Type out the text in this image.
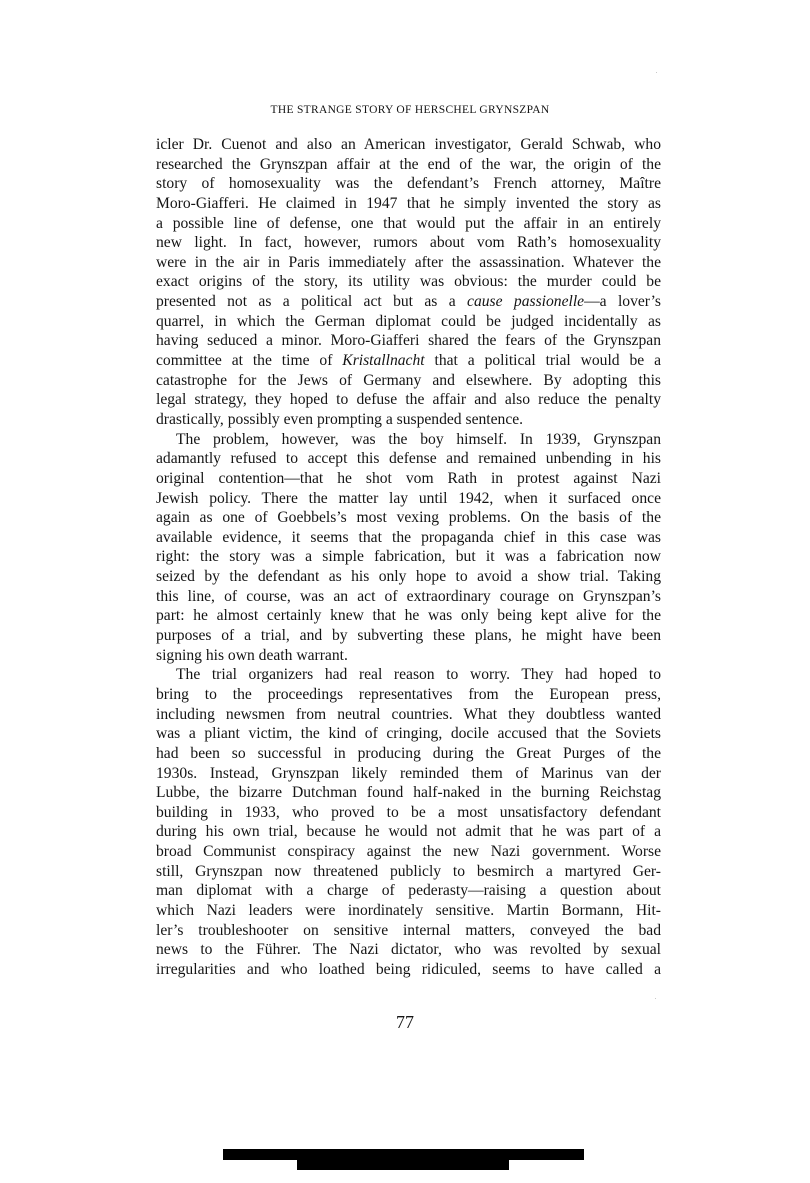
THE STRANGE STORY OF HERSCHEL GRYNSZPAN
icler Dr. Cuenot and also an American investigator, Gerald Schwab, who
researched the Grynszpan affair at the end of the war, the origin of the
story of homosexuality was the defendant’s French attorney, Maître
Moro-Giafferi. He claimed in 1947 that he simply invented the story as
a possible line of defense, one that would put the affair in an entirely
new light. In fact, however, rumors about vom Rath’s homosexuality
were in the air in Paris immediately after the assassination. Whatever the
exact origins of the story, its utility was obvious: the murder could be
presented not as a political act but as a cause passionelle—a lover’s
quarrel, in which the German diplomat could be judged incidentally as
having seduced a minor. Moro-Giafferi shared the fears of the Grynszpan
committee at the time of Kristallnacht that a political trial would be a
catastrophe for the Jews of Germany and elsewhere. By adopting this
legal strategy, they hoped to defuse the affair and also reduce the penalty
drastically, possibly even prompting a suspended sentence.
The problem, however, was the boy himself. In 1939, Grynszpan
adamantly refused to accept this defense and remained unbending in his
original contention—that he shot vom Rath in protest against Nazi
Jewish policy. There the matter lay until 1942, when it surfaced once
again as one of Goebbels’s most vexing problems. On the basis of the
available evidence, it seems that the propaganda chief in this case was
right: the story was a simple fabrication, but it was a fabrication now
seized by the defendant as his only hope to avoid a show trial. Taking
this line, of course, was an act of extraordinary courage on Grynszpan’s
part: he almost certainly knew that he was only being kept alive for the
purposes of a trial, and by subverting these plans, he might have been
signing his own death warrant.
The trial organizers had real reason to worry. They had hoped to
bring to the proceedings representatives from the European press,
including newsmen from neutral countries. What they doubtless wanted
was a pliant victim, the kind of cringing, docile accused that the Soviets
had been so successful in producing during the Great Purges of the
1930s. Instead, Grynszpan likely reminded them of Marinus van der
Lubbe, the bizarre Dutchman found half-naked in the burning Reichstag
building in 1933, who proved to be a most unsatisfactory defendant
during his own trial, because he would not admit that he was part of a
broad Communist conspiracy against the new Nazi government. Worse
still, Grynszpan now threatened publicly to besmirch a martyred Ger-
man diplomat with a charge of pederasty—raising a question about
which Nazi leaders were inordinately sensitive. Martin Bormann, Hit-
ler’s troubleshooter on sensitive internal matters, conveyed the bad
news to the Führer. The Nazi dictator, who was revolted by sexual
irregularities and who loathed being ridiculed, seems to have called a
77
